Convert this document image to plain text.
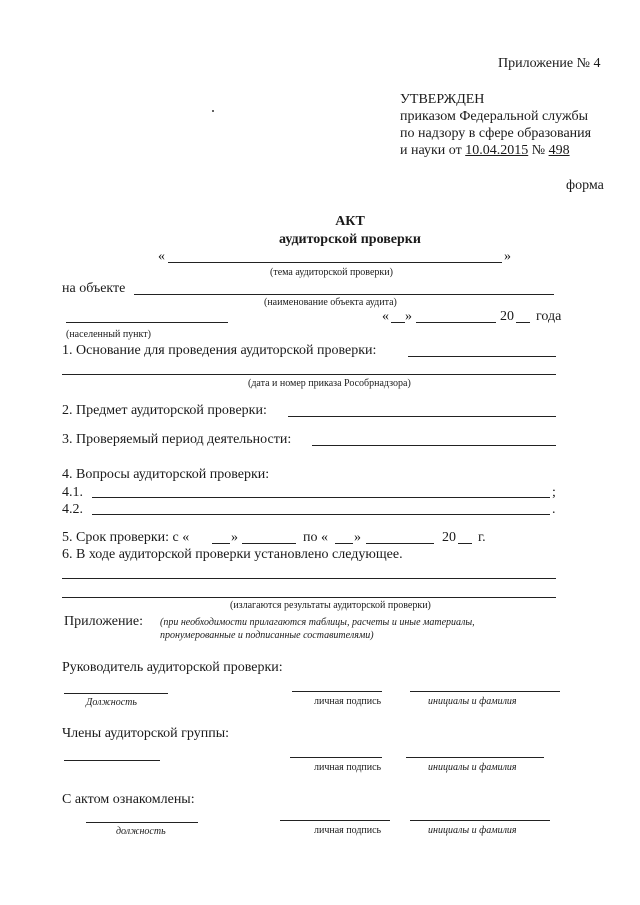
Приложение № 4
УТВЕРЖДЕН
приказом Федеральной службы
по надзору в сфере образования
и науки от 10.04.2015 № 498
форма
АКТ
аудиторской проверки
«	»
(тема аудиторской проверки)
на объекте
(наименование объекта аудита)
« »	20 года
(населенный пункт)
1. Основание для проведения аудиторской проверки:
(дата и номер приказа Рособрнадзора)
2. Предмет аудиторской проверки:
3. Проверяемый период деятельности:
4. Вопросы аудиторской проверки:
4.1.	;
4.2.	.
5. Срок проверки: с «	»	по « »	20 г.
6. В ходе аудиторской проверки установлено следующее.
(излагаются результаты аудиторской проверки)
Приложение: (при необходимости прилагаются таблицы, расчеты и иные материалы,
пронумерованные и подписанные составителями)
Руководитель аудиторской проверки:
Должность	личная подпись	инициалы и фамилия
Члены аудиторской группы:
личная подпись	инициалы и фамилия
С актом ознакомлены:
должность	личная подпись	инициалы и фамилия
